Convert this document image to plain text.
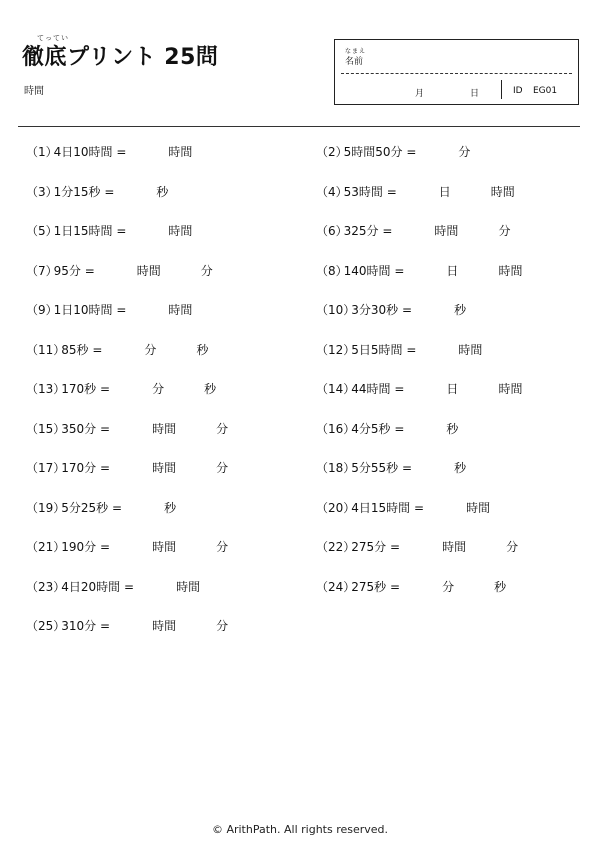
てってい
徹底プリント 25問
時間
なまえ
名前
月	日	ID EG01
（1）
4日10時間 =	時間	（2）
5時間50分 =	分
（3）
1分15秒 =	秒	（4）
53時間 =	日	時間
（5）
1日15時間 =	時間	（6）
325分 =	時間	分
（7）
95分 =	時間	分	（8）
140時間 =	日	時間
（9）
1日10時間 =	時間	（10）
3分30秒 =	秒
（11）
85秒 =	分	秒	（12）
5日5時間 =	時間
（13）
170秒 =	分	秒	（14）
44時間 =	日	時間
（15）
350分 =	時間	分	（16）
4分5秒 =	秒
（17）
170分 =	時間	分	（18）
5分55秒 =	秒
（19）
5分25秒 =	秒	（20）
4日15時間 =	時間
（21）
190分 =	時間	分	（22）
275分 =	時間	分
（23）
4日20時間 =	時間	（24）
275秒 =	分	秒
（25）
310分 =	時間	分
© ArithPath. All rights reserved.
